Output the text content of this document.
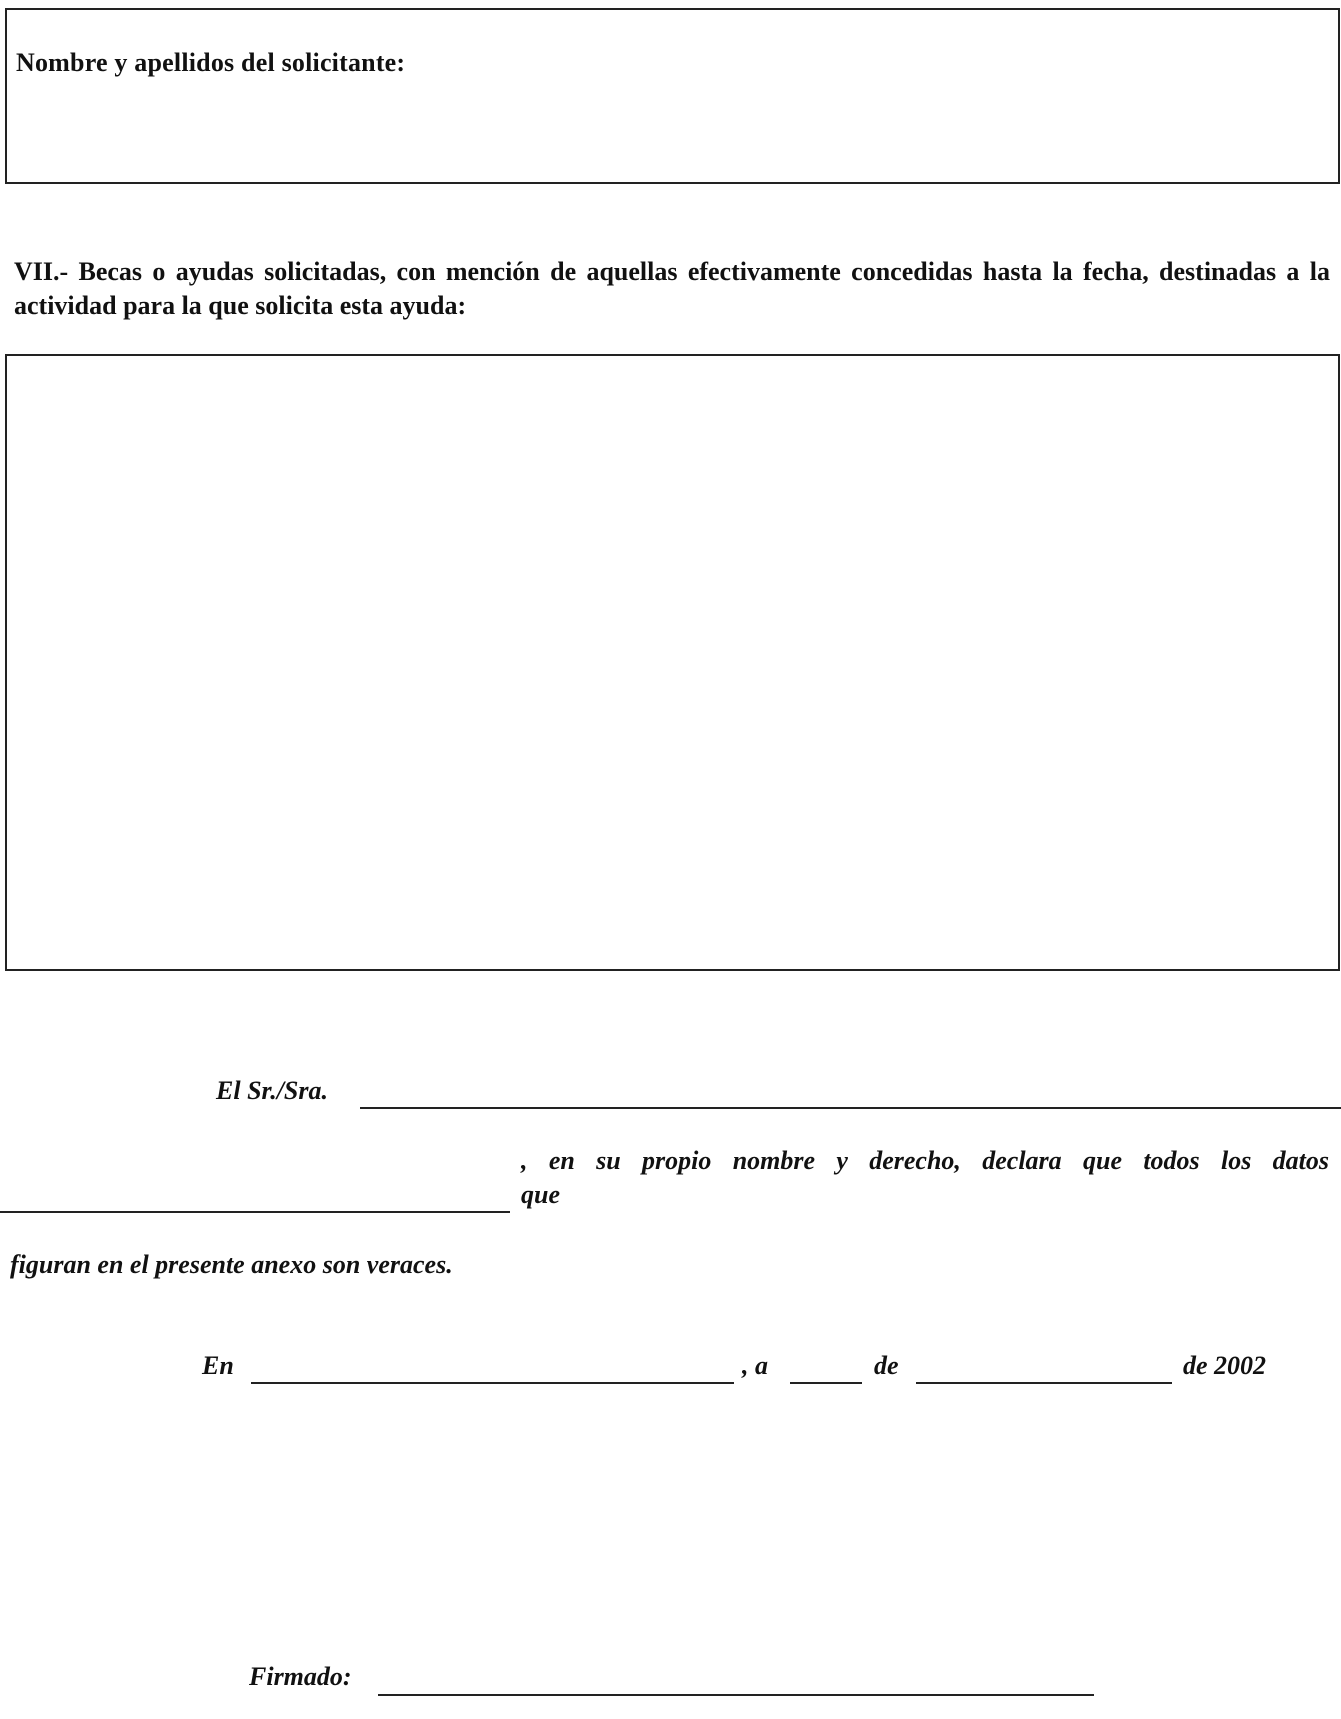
Nombre y apellidos del solicitante:
VII.- Becas o ayudas solicitadas, con mención de aquellas efectivamente concedidas hasta la fecha, destinadas a la actividad para la que solicita esta ayuda:
El Sr./Sra.
, en su propio nombre y derecho, declara que todos los datos
que
figuran en el presente anexo son veraces.
En	, a	de	de 2002
Firmado:
